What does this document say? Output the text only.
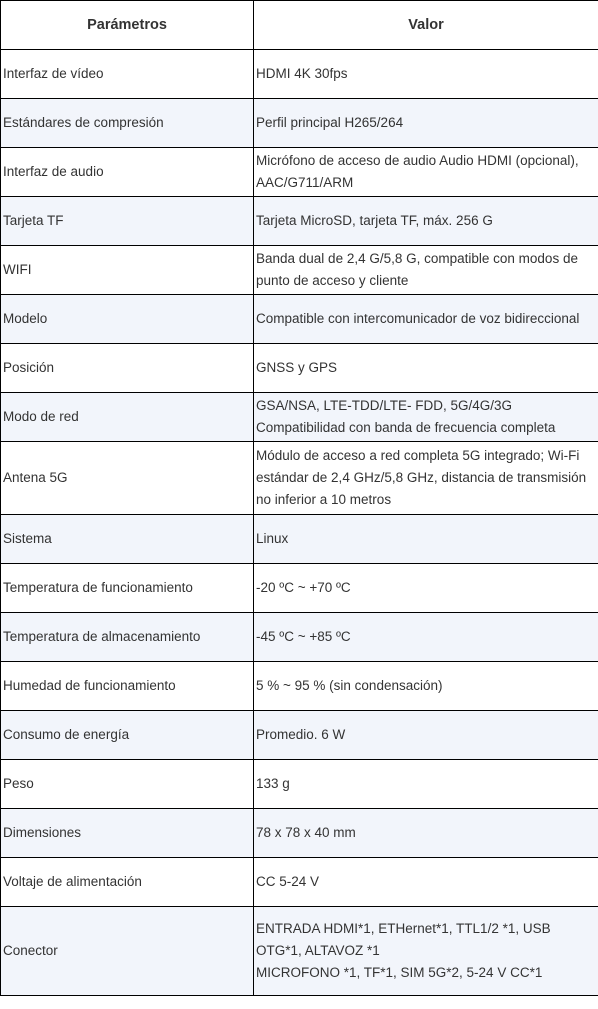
Parámetros	Valor
Interfaz de vídeo	HDMI 4K 30fps
Estándares de compresión	Perfil principal H265/264
Interfaz de audio	Micrófono de acceso de audio Audio HDMI (opcional), AAC/G711/ARM
Tarjeta TF	Tarjeta MicroSD, tarjeta TF, máx. 256 G
WIFI	Banda dual de 2,4 G/5,8 G, compatible con modos de punto de acceso y cliente
Modelo	Compatible con intercomunicador de voz bidireccional
Posición	GNSS y GPS
Modo de red	GSA/NSA, LTE-TDD/LTE- FDD, 5G/4G/3G
Compatibilidad con banda de frecuencia completa
Antena 5G	Módulo de acceso a red completa 5G integrado; Wi-Fi estándar de 2,4 GHz/5,8 GHz, distancia de transmisión no inferior a 10 metros
Sistema	Linux
Temperatura de funcionamiento	-20 ºC ~ +70 ºC
Temperatura de almacenamiento	-45 ºC ~ +85 ºC
Humedad de funcionamiento	5 % ~ 95 % (sin condensación)
Consumo de energía	Promedio. 6 W
Peso	133 g
Dimensiones	78 x 78 x 40 mm
Voltaje de alimentación	CC 5-24 V
Conector	ENTRADA HDMI*1, ETHernet*1, TTL1/2 *1, USB OTG*1, ALTAVOZ *1
MICROFONO *1, TF*1, SIM 5G*2, 5-24 V CC*1
